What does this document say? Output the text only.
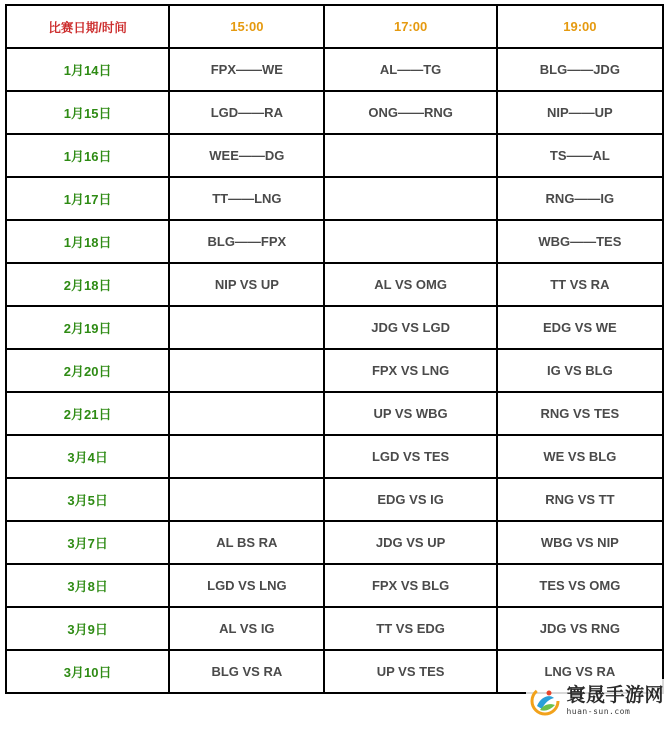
比赛日期/时间	15:00	17:00	19:00
1月14日	FPX——WE	AL——TG	BLG——JDG
1月15日	LGD——RA	ONG——RNG	NIP——UP
1月16日	WEE——DG		TS——AL
1月17日	TT——LNG		RNG——IG
1月18日	BLG——FPX		WBG——TES
2月18日	NIP VS UP	AL VS OMG	TT VS RA
2月19日		JDG VS LGD	EDG VS WE
2月20日		FPX VS LNG	IG VS BLG
2月21日		UP VS WBG	RNG VS TES
3月4日		LGD VS TES	WE VS BLG
3月5日		EDG VS IG	RNG VS TT
3月7日	AL BS RA	JDG VS UP	WBG VS NIP
3月8日	LGD VS LNG	FPX VS BLG	TES VS OMG
3月9日	AL VS IG	TT VS EDG	JDG VS RNG
3月10日	BLG VS RA	UP VS TES	LNG VS RA
寰晟手游网
huan-sun.com
